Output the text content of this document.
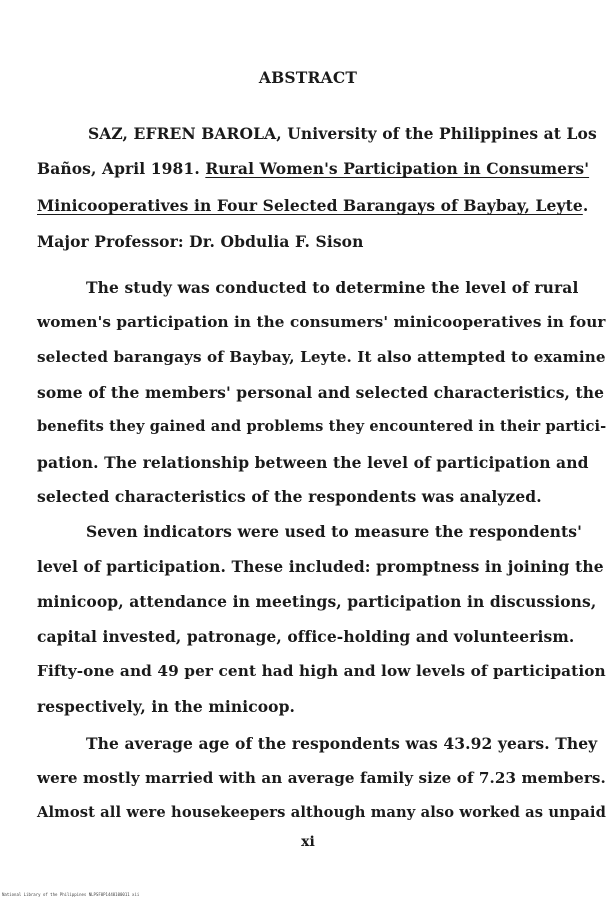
ABSTRACT
SAZ, EFREN BAROLA, University of the Philippines at Los
Baños, April 1981. Rural Women's Participation in Consumers'
Minicooperatives in Four Selected Barangays of Baybay, Leyte.
Major Professor: Dr. Obdulia F. Sison
The study was conducted to determine the level of rural
women's participation in the consumers' minicooperatives in four
selected barangays of Baybay, Leyte. It also attempted to examine
some of the members' personal and selected characteristics, the
benefits they gained and problems they encountered in their partici-
pation. The relationship between the level of participation and
selected characteristics of the respondents was analyzed.
Seven indicators were used to measure the respondents'
level of participation. These included: promptness in joining the
minicoop, attendance in meetings, participation in discussions,
capital invested, patronage, office-holding and volunteerism.
Fifty-one and 49 per cent had high and low levels of participation
respectively, in the minicoop.
The average age of the respondents was 43.92 years. They
were mostly married with an average family size of 7.23 members.
Almost all were housekeepers although many also worked as unpaid
xi
National Library of the Philippines NLPSF0P1440100011 xii
